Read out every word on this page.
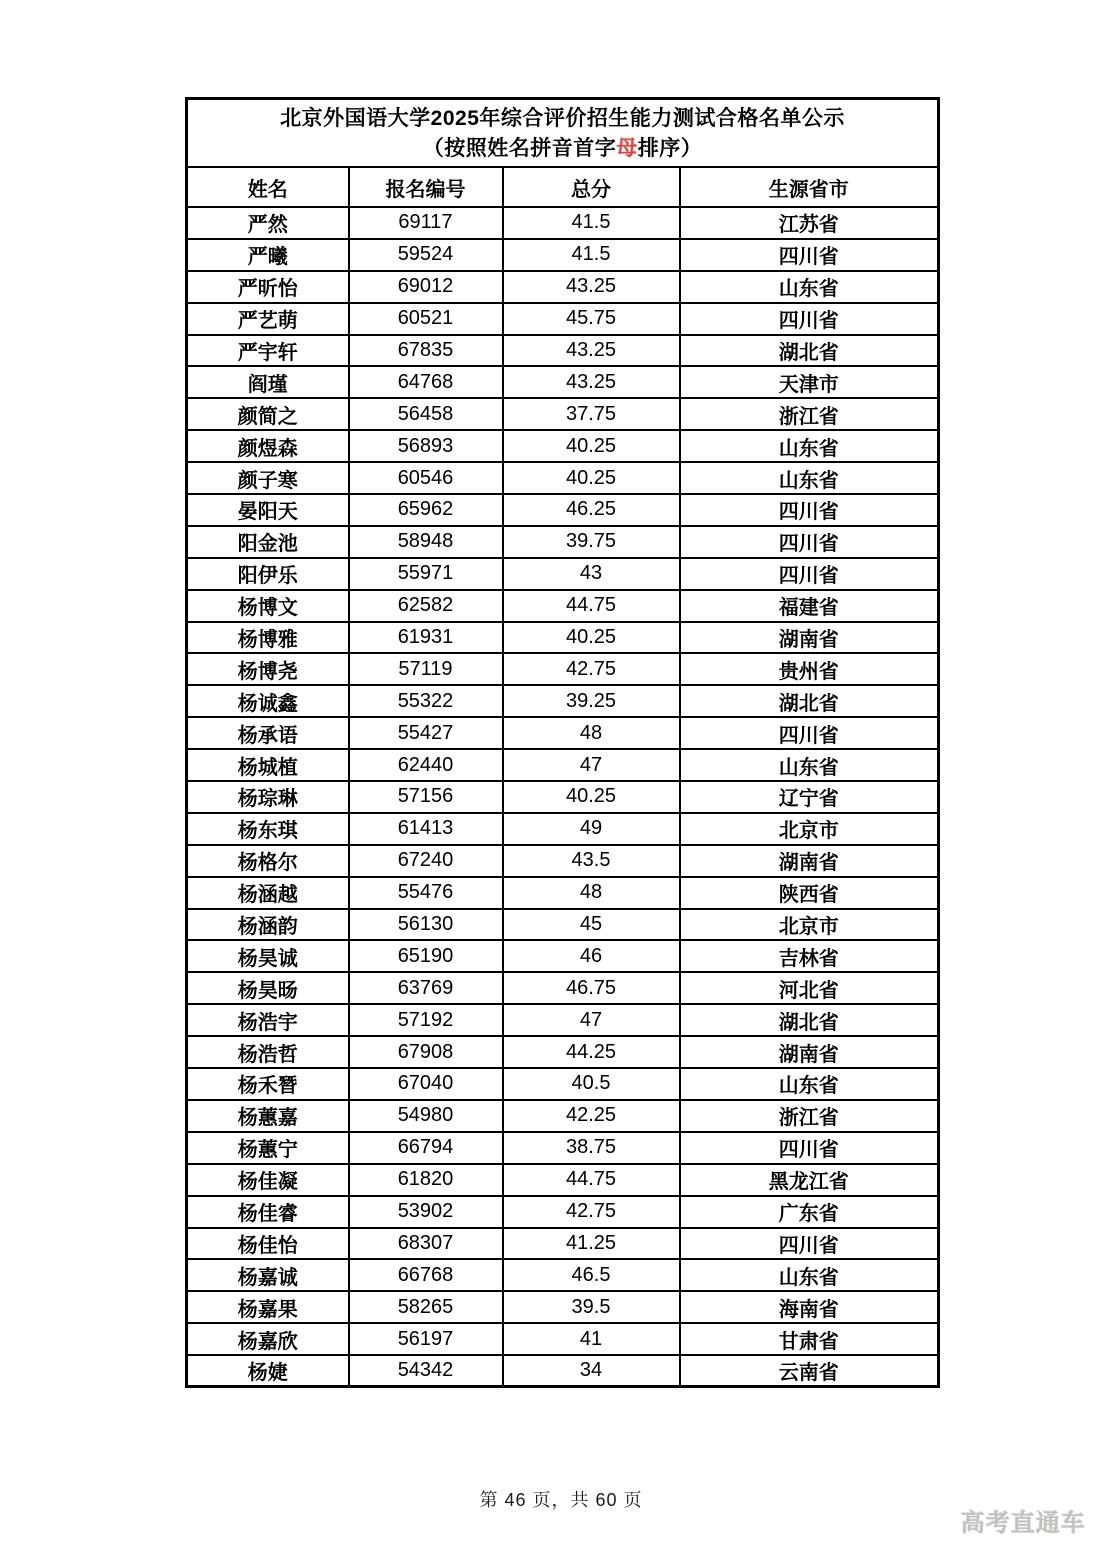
北京外国语大学2025年综合评价招生能力测试合格名单公示
（按照姓名拼音首字母排序）			

姓名	报名编号	总分	生源省市
严然	69117	41.5	江苏省
严曦	59524	41.5	四川省
严昕怡	69012	43.25	山东省
严艺萌	60521	45.75	四川省
严宇轩	67835	43.25	湖北省
阎瑾	64768	43.25	天津市
颜简之	56458	37.75	浙江省
颜煜森	56893	40.25	山东省
颜子寒	60546	40.25	山东省
晏阳天	65962	46.25	四川省
阳金池	58948	39.75	四川省
阳伊乐	55971	43	四川省
杨博文	62582	44.75	福建省
杨博雅	61931	40.25	湖南省
杨博尧	57119	42.75	贵州省
杨诚鑫	55322	39.25	湖北省
杨承语	55427	48	四川省
杨城植	62440	47	山东省
杨琮琳	57156	40.25	辽宁省
杨东琪	61413	49	北京市
杨格尔	67240	43.5	湖南省
杨涵越	55476	48	陕西省
杨涵韵	56130	45	北京市
杨昊诚	65190	46	吉林省
杨昊旸	63769	46.75	河北省
杨浩宇	57192	47	湖北省
杨浩哲	67908	44.25	湖南省
杨禾朁	67040	40.5	山东省
杨蕙嘉	54980	42.25	浙江省
杨蕙宁	66794	38.75	四川省
杨佳凝	61820	44.75	黑龙江省
杨佳睿	53902	42.75	广东省
杨佳怡	68307	41.25	四川省
杨嘉诚	66768	46.5	山东省
杨嘉果	58265	39.5	海南省
杨嘉欣	56197	41	甘肃省
杨婕	54342	34	云南省
第 46 页，共 60 页
高考直通车
